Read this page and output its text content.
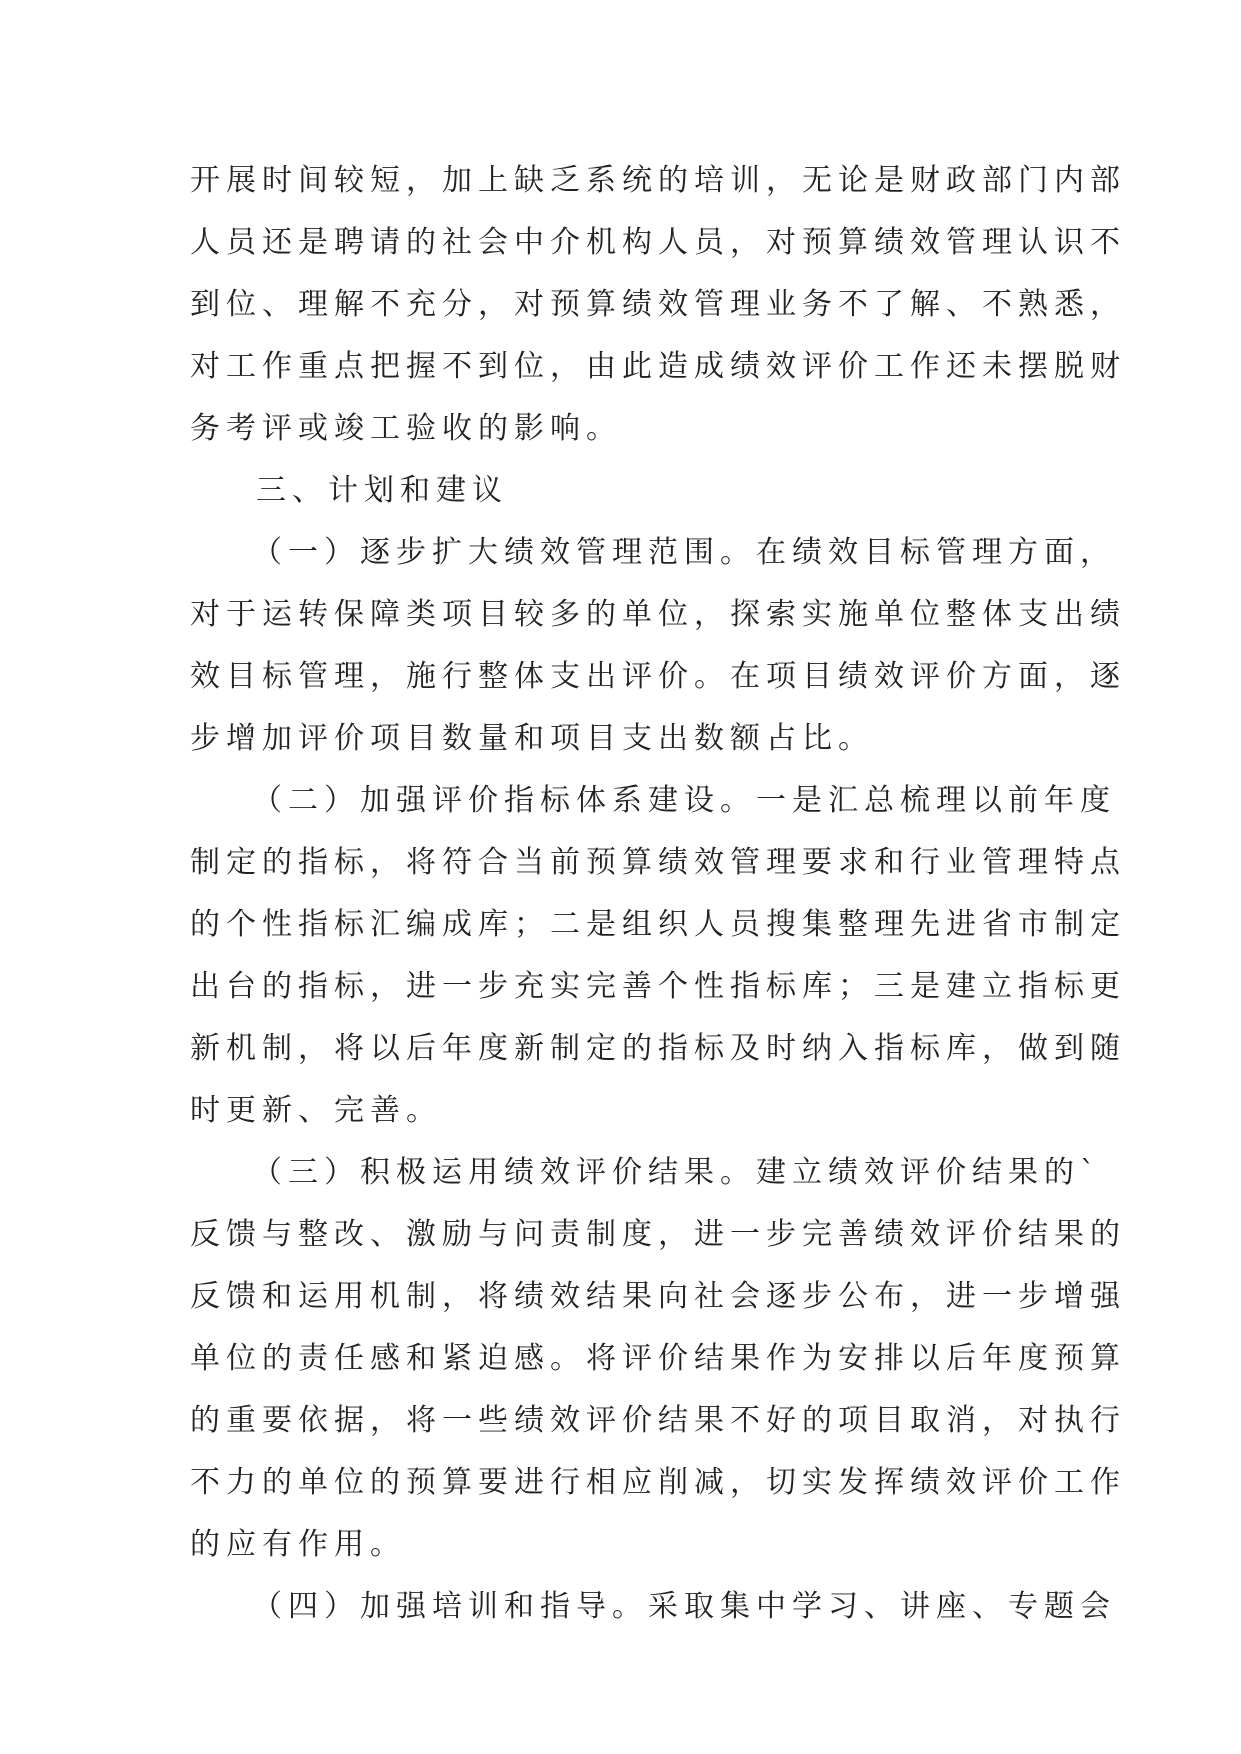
开展时间较短，加上缺乏系统的培训，无论是财政部门内部
人员还是聘请的社会中介机构人员，对预算绩效管理认识不
到位、理解不充分，对预算绩效管理业务不了解、不熟悉，
对工作重点把握不到位，由此造成绩效评价工作还未摆脱财
务考评或竣工验收的影响。
三、计划和建议
（一）逐步扩大绩效管理范围。在绩效目标管理方面，
对于运转保障类项目较多的单位，探索实施单位整体支出绩
效目标管理，施行整体支出评价。在项目绩效评价方面，逐
步增加评价项目数量和项目支出数额占比。
（二）加强评价指标体系建设。一是汇总梳理以前年度
制定的指标，将符合当前预算绩效管理要求和行业管理特点
的个性指标汇编成库；二是组织人员搜集整理先进省市制定
出台的指标，进一步充实完善个性指标库；三是建立指标更
新机制，将以后年度新制定的指标及时纳入指标库，做到随
时更新、完善。
（三）积极运用绩效评价结果。建立绩效评价结果的`
反馈与整改、激励与问责制度，进一步完善绩效评价结果的
反馈和运用机制，将绩效结果向社会逐步公布，进一步增强
单位的责任感和紧迫感。将评价结果作为安排以后年度预算
的重要依据，将一些绩效评价结果不好的项目取消，对执行
不力的单位的预算要进行相应削减，切实发挥绩效评价工作
的应有作用。
（四）加强培训和指导。采取集中学习、讲座、专题会
